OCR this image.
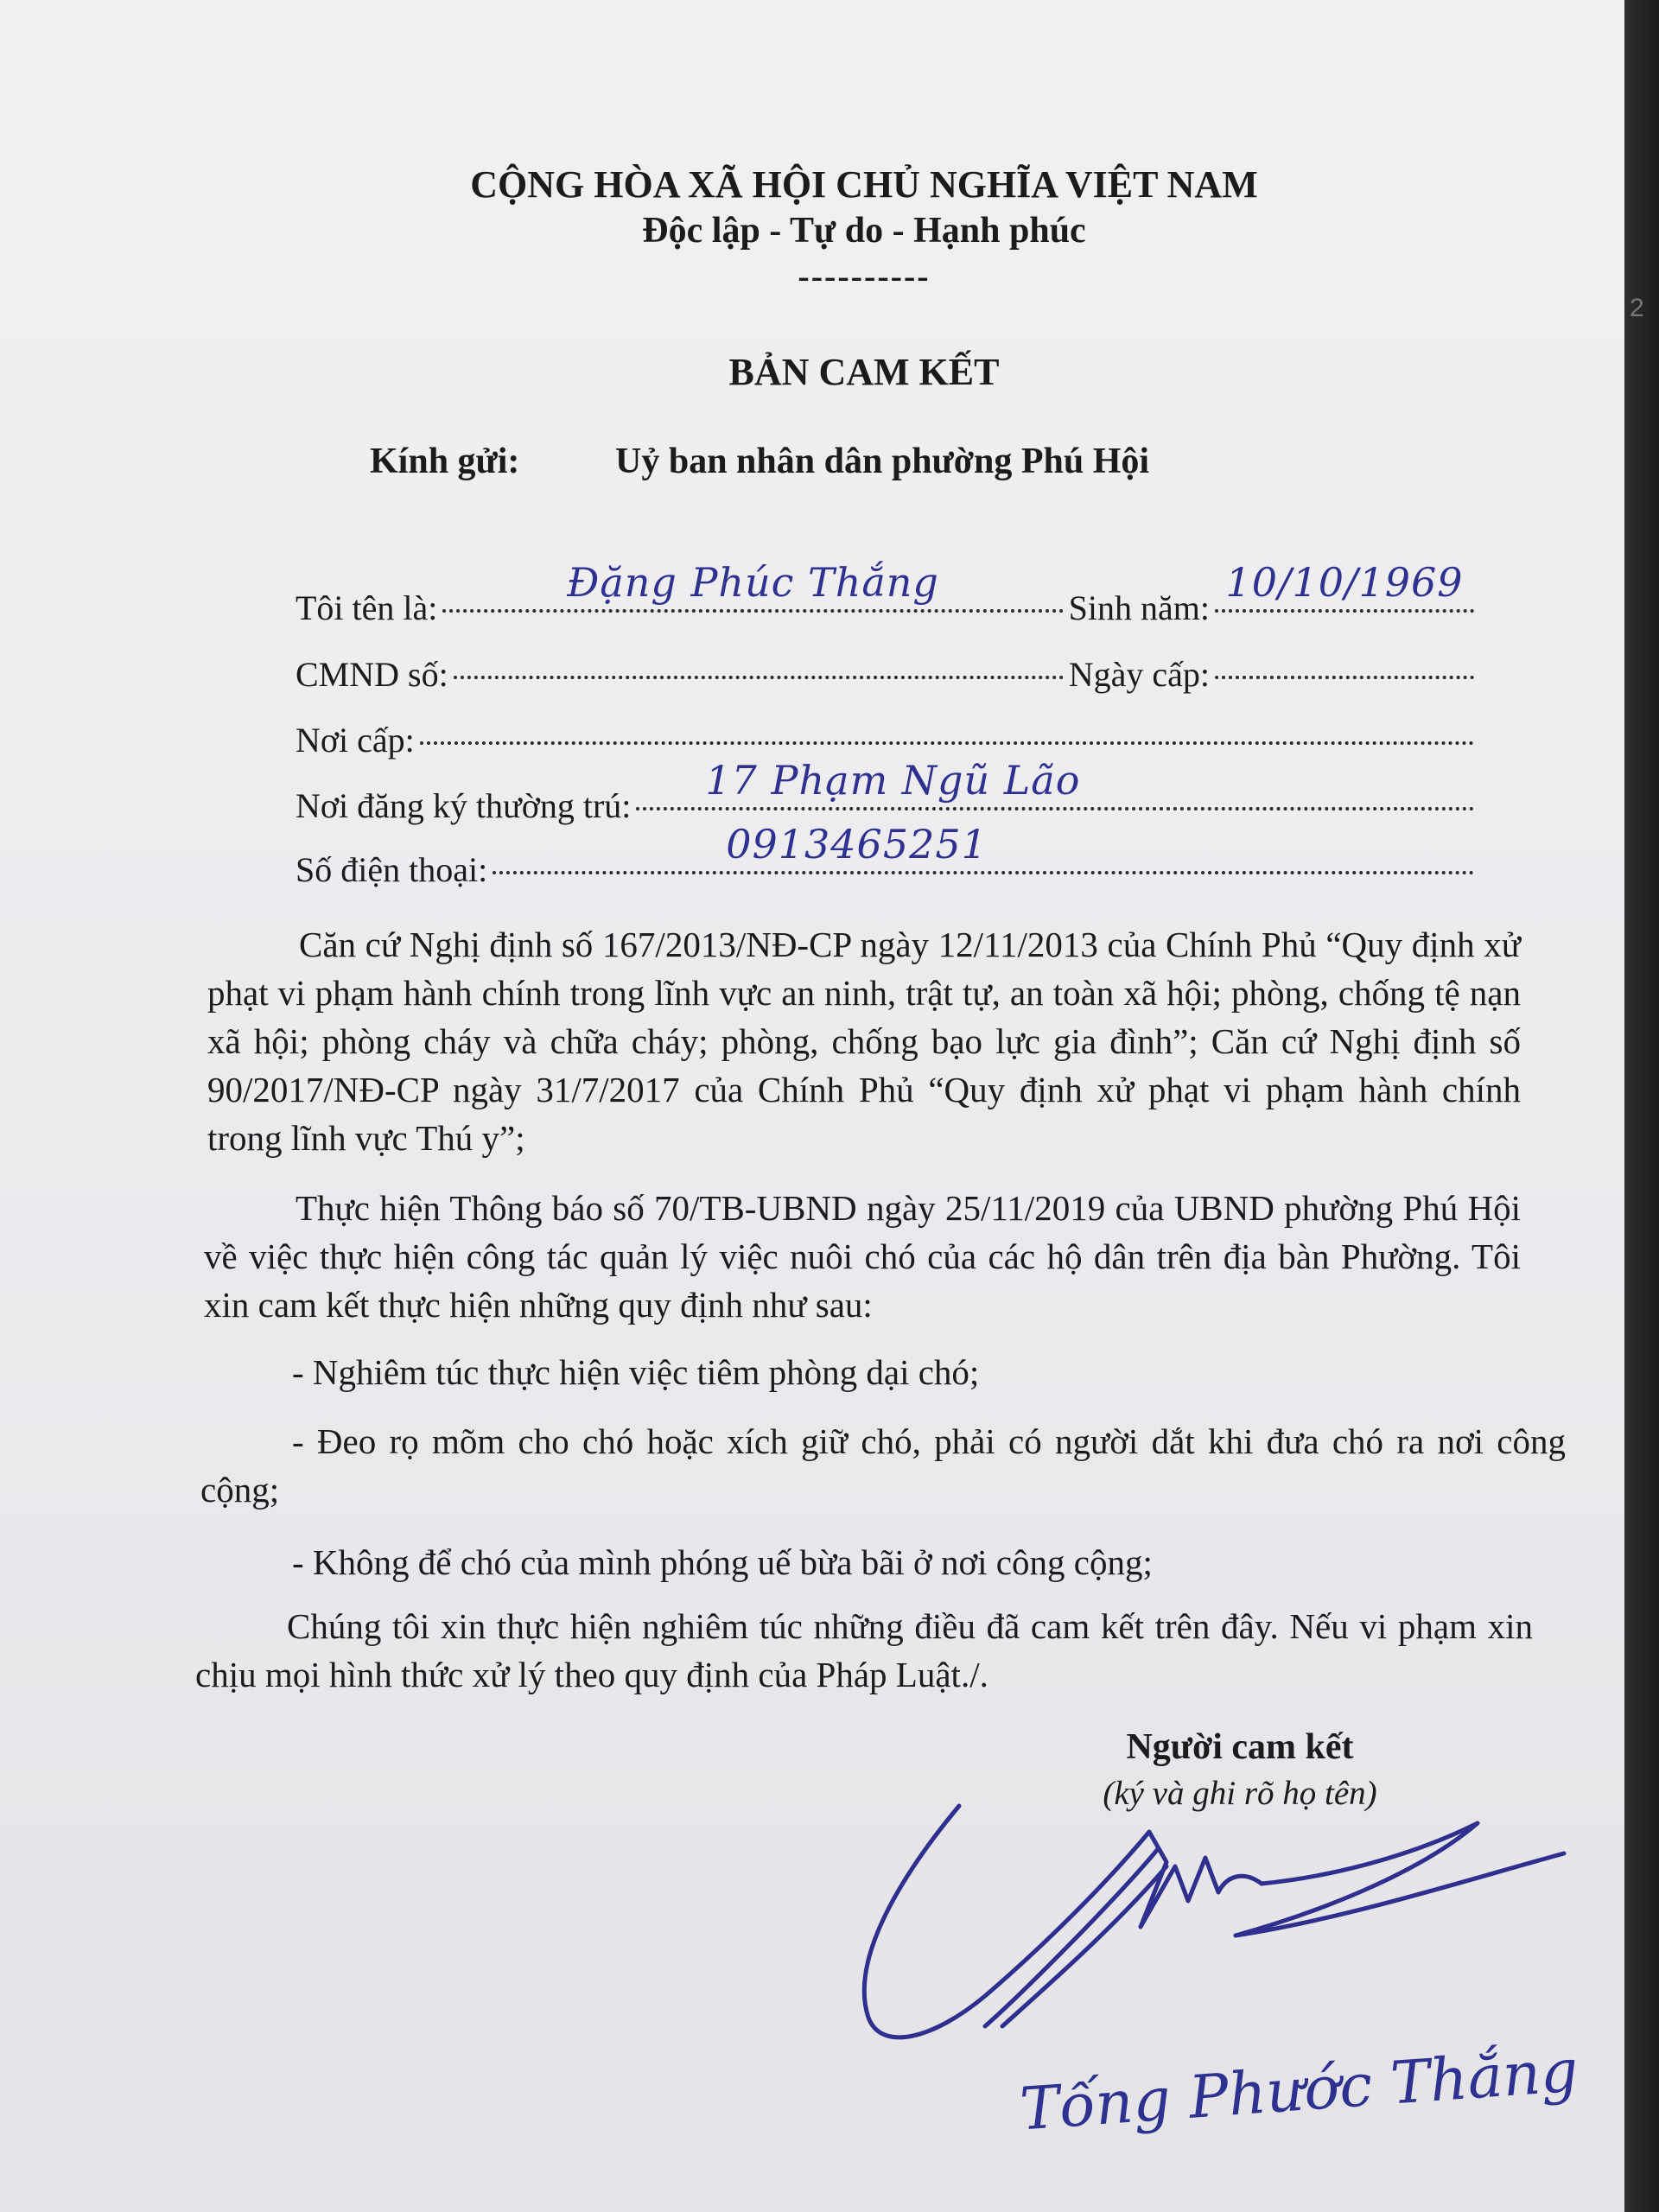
CỘNG HÒA XÃ HỘI CHỦ NGHĨA VIỆT NAM
Độc lập - Tự do - Hạnh phúc
----------
BẢN CAM KẾT
Kính gửi:	Uỷ ban nhân dân phường Phú Hội
Tôi tên là:
Đặng Phúc Thắng
Sinh năm:
10/10/1969
CMND số:	Ngày cấp:
Nơi cấp:
Nơi đăng ký thường trú:
17 Phạm Ngũ Lão
Số điện thoại:
0913465251
Căn cứ Nghị định số 167/2013/NĐ-CP ngày 12/11/2013 của Chính Phủ “Quy định xử phạt vi phạm hành chính trong lĩnh vực an ninh, trật tự, an toàn xã hội; phòng, chống tệ nạn xã hội; phòng cháy và chữa cháy; phòng, chống bạo lực gia đình”; Căn cứ Nghị định số 90/2017/NĐ-CP ngày 31/7/2017 của Chính Phủ “Quy định xử phạt vi phạm hành chính trong lĩnh vực Thú y”;
Thực hiện Thông báo số 70/TB-UBND ngày 25/11/2019 của UBND phường Phú Hội về việc thực hiện công tác quản lý việc nuôi chó của các hộ dân trên địa bàn Phường. Tôi xin cam kết thực hiện những quy định như sau:
- Nghiêm túc thực hiện việc tiêm phòng dại chó;
- Đeo rọ mõm cho chó hoặc xích giữ chó, phải có người dắt khi đưa chó ra nơi công cộng;
- Không để chó của mình phóng uế bừa bãi ở nơi công cộng;
Chúng tôi xin thực hiện nghiêm túc những điều đã cam kết trên đây. Nếu vi phạm xin chịu mọi hình thức xử lý theo quy định của Pháp Luật./.
Người cam kết
(ký và ghi rõ họ tên)
Tống Phước Thắng
2
